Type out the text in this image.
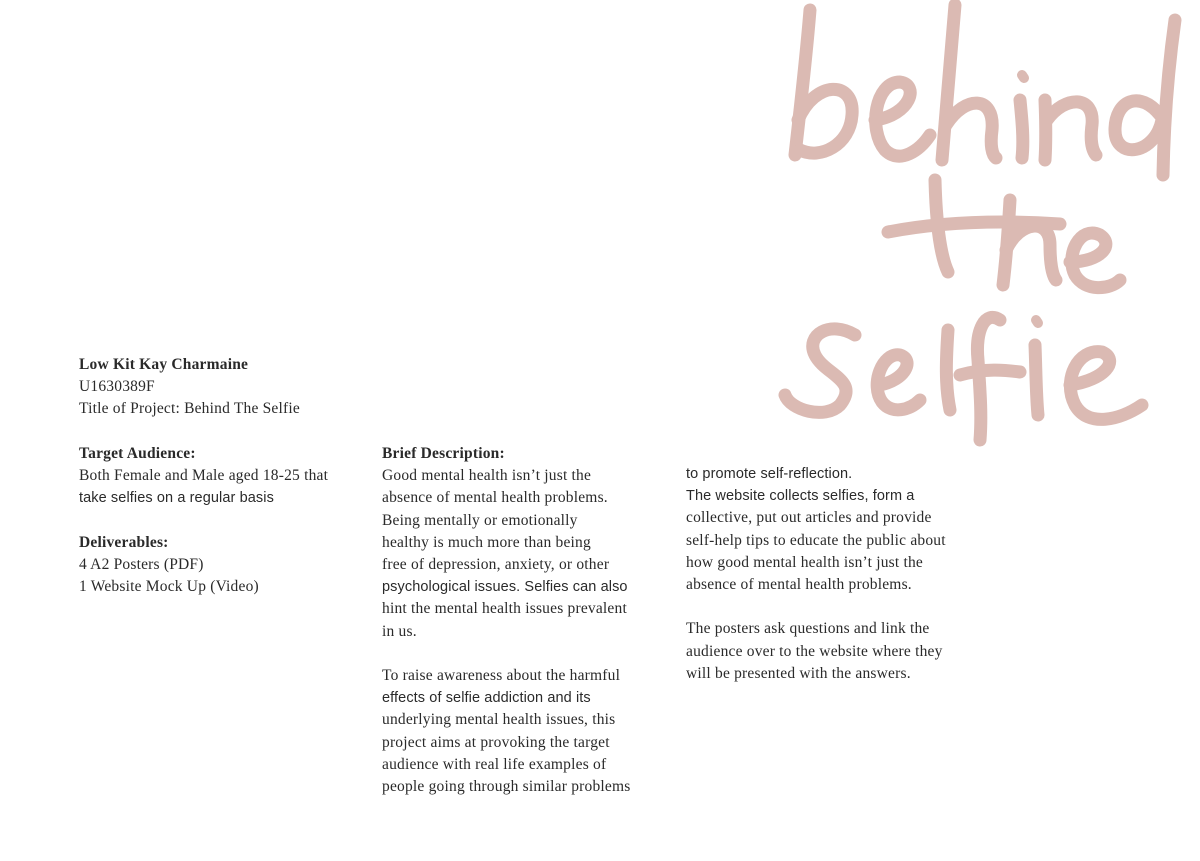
Low Kit Kay Charmaine

U1630389F

Title of Project: Behind The Selfie

Target Audience:

Both Female and Male aged 18-25 that

take selfies on a regular basis

Deliverables:

4 A2 Posters (PDF)

1 Website Mock Up (Video)

Brief Description:

Good mental health isn’t just the

absence of mental health problems.

Being mentally or emotionally

healthy is much more than being

free of depression, anxiety, or other

psychological issues. Selfies can also

hint the mental health issues prevalent

in us.

To raise awareness about the harmful

effects of selfie addiction and its

underlying mental health issues, this

project aims at provoking the target

audience with real life examples of

people going through similar problems

to promote self-reflection.

The website collects selfies, form a

collective, put out articles and provide

self-help tips to educate the public about

how good mental health isn’t just the

absence of mental health problems.

The posters ask questions and link the

audience over to the website where they

will be presented with the answers.
